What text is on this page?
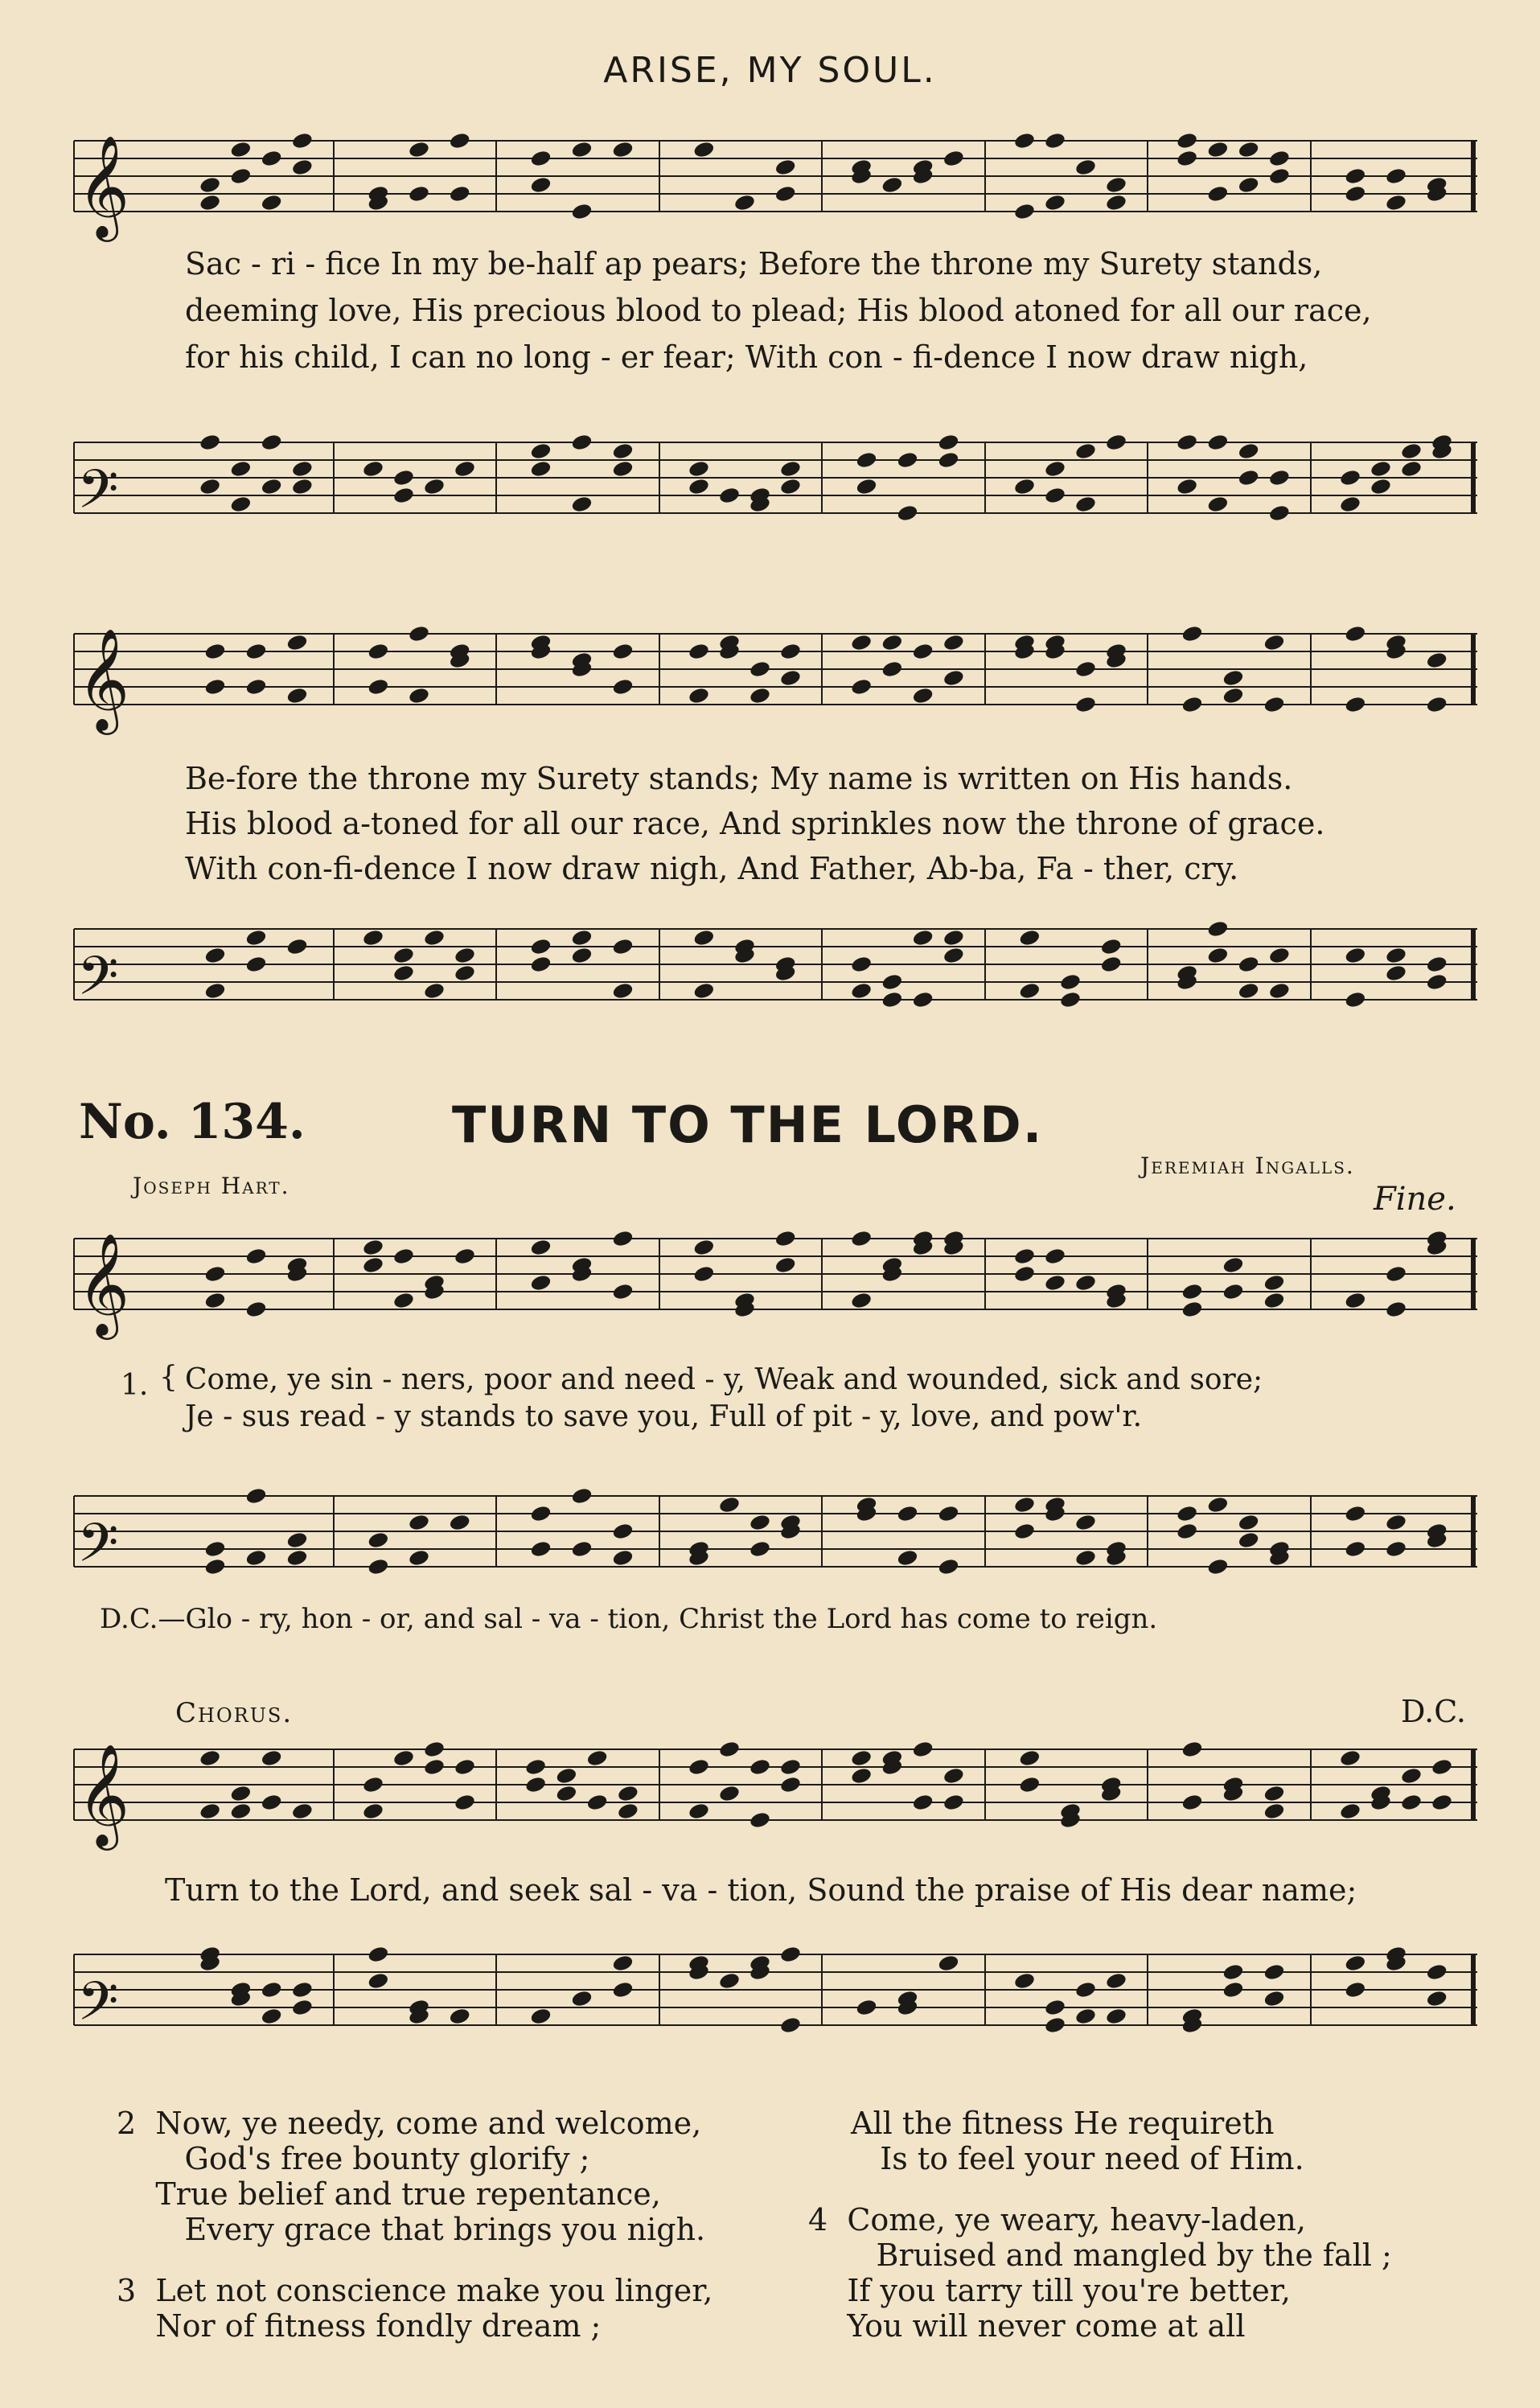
ARISE, MY SOUL.
𝄞
Sac - ri - fice In my be-half ap pears; Before the throne my Surety stands,
deeming love, His precious blood to plead; His blood atoned for all our race,
for his child, I can no long - er fear; With con - fi-dence I now draw nigh,
𝄢
𝄞
Be-fore the throne my Surety stands; My name is written on His hands.
His blood a-toned for all our race, And sprinkles now the throne of grace.
With con-fi-dence I now draw nigh, And Father, Ab-ba, Fa - ther, cry.
𝄢
No. 134.	TURN TO THE LORD.
Joseph Hart.
Jeremiah Ingalls.
Fine.
𝄞
1. { Come, ye sin - ners, poor and need - y, Weak and wounded, sick and sore;
Je - sus read - y stands to save you, Full of pit - y, love, and pow'r.
𝄢
D.C.—Glo - ry, hon - or, and sal - va - tion, Christ the Lord has come to reign.
Chorus.	D.C.
𝄞
Turn to the Lord, and seek sal - va - tion, Sound the praise of His dear name;
𝄢
2  Now, ye needy, come and welcome,
God's free bounty glorify ;
True belief and true repentance,
Every grace that brings you nigh.
3  Let not conscience make you linger,
Nor of fitness fondly dream ;
All the fitness He requireth
Is to feel your need of Him.
4  Come, ye weary, heavy-laden,
Bruised and mangled by the fall ;
If you tarry till you're better,
You will never come at all
